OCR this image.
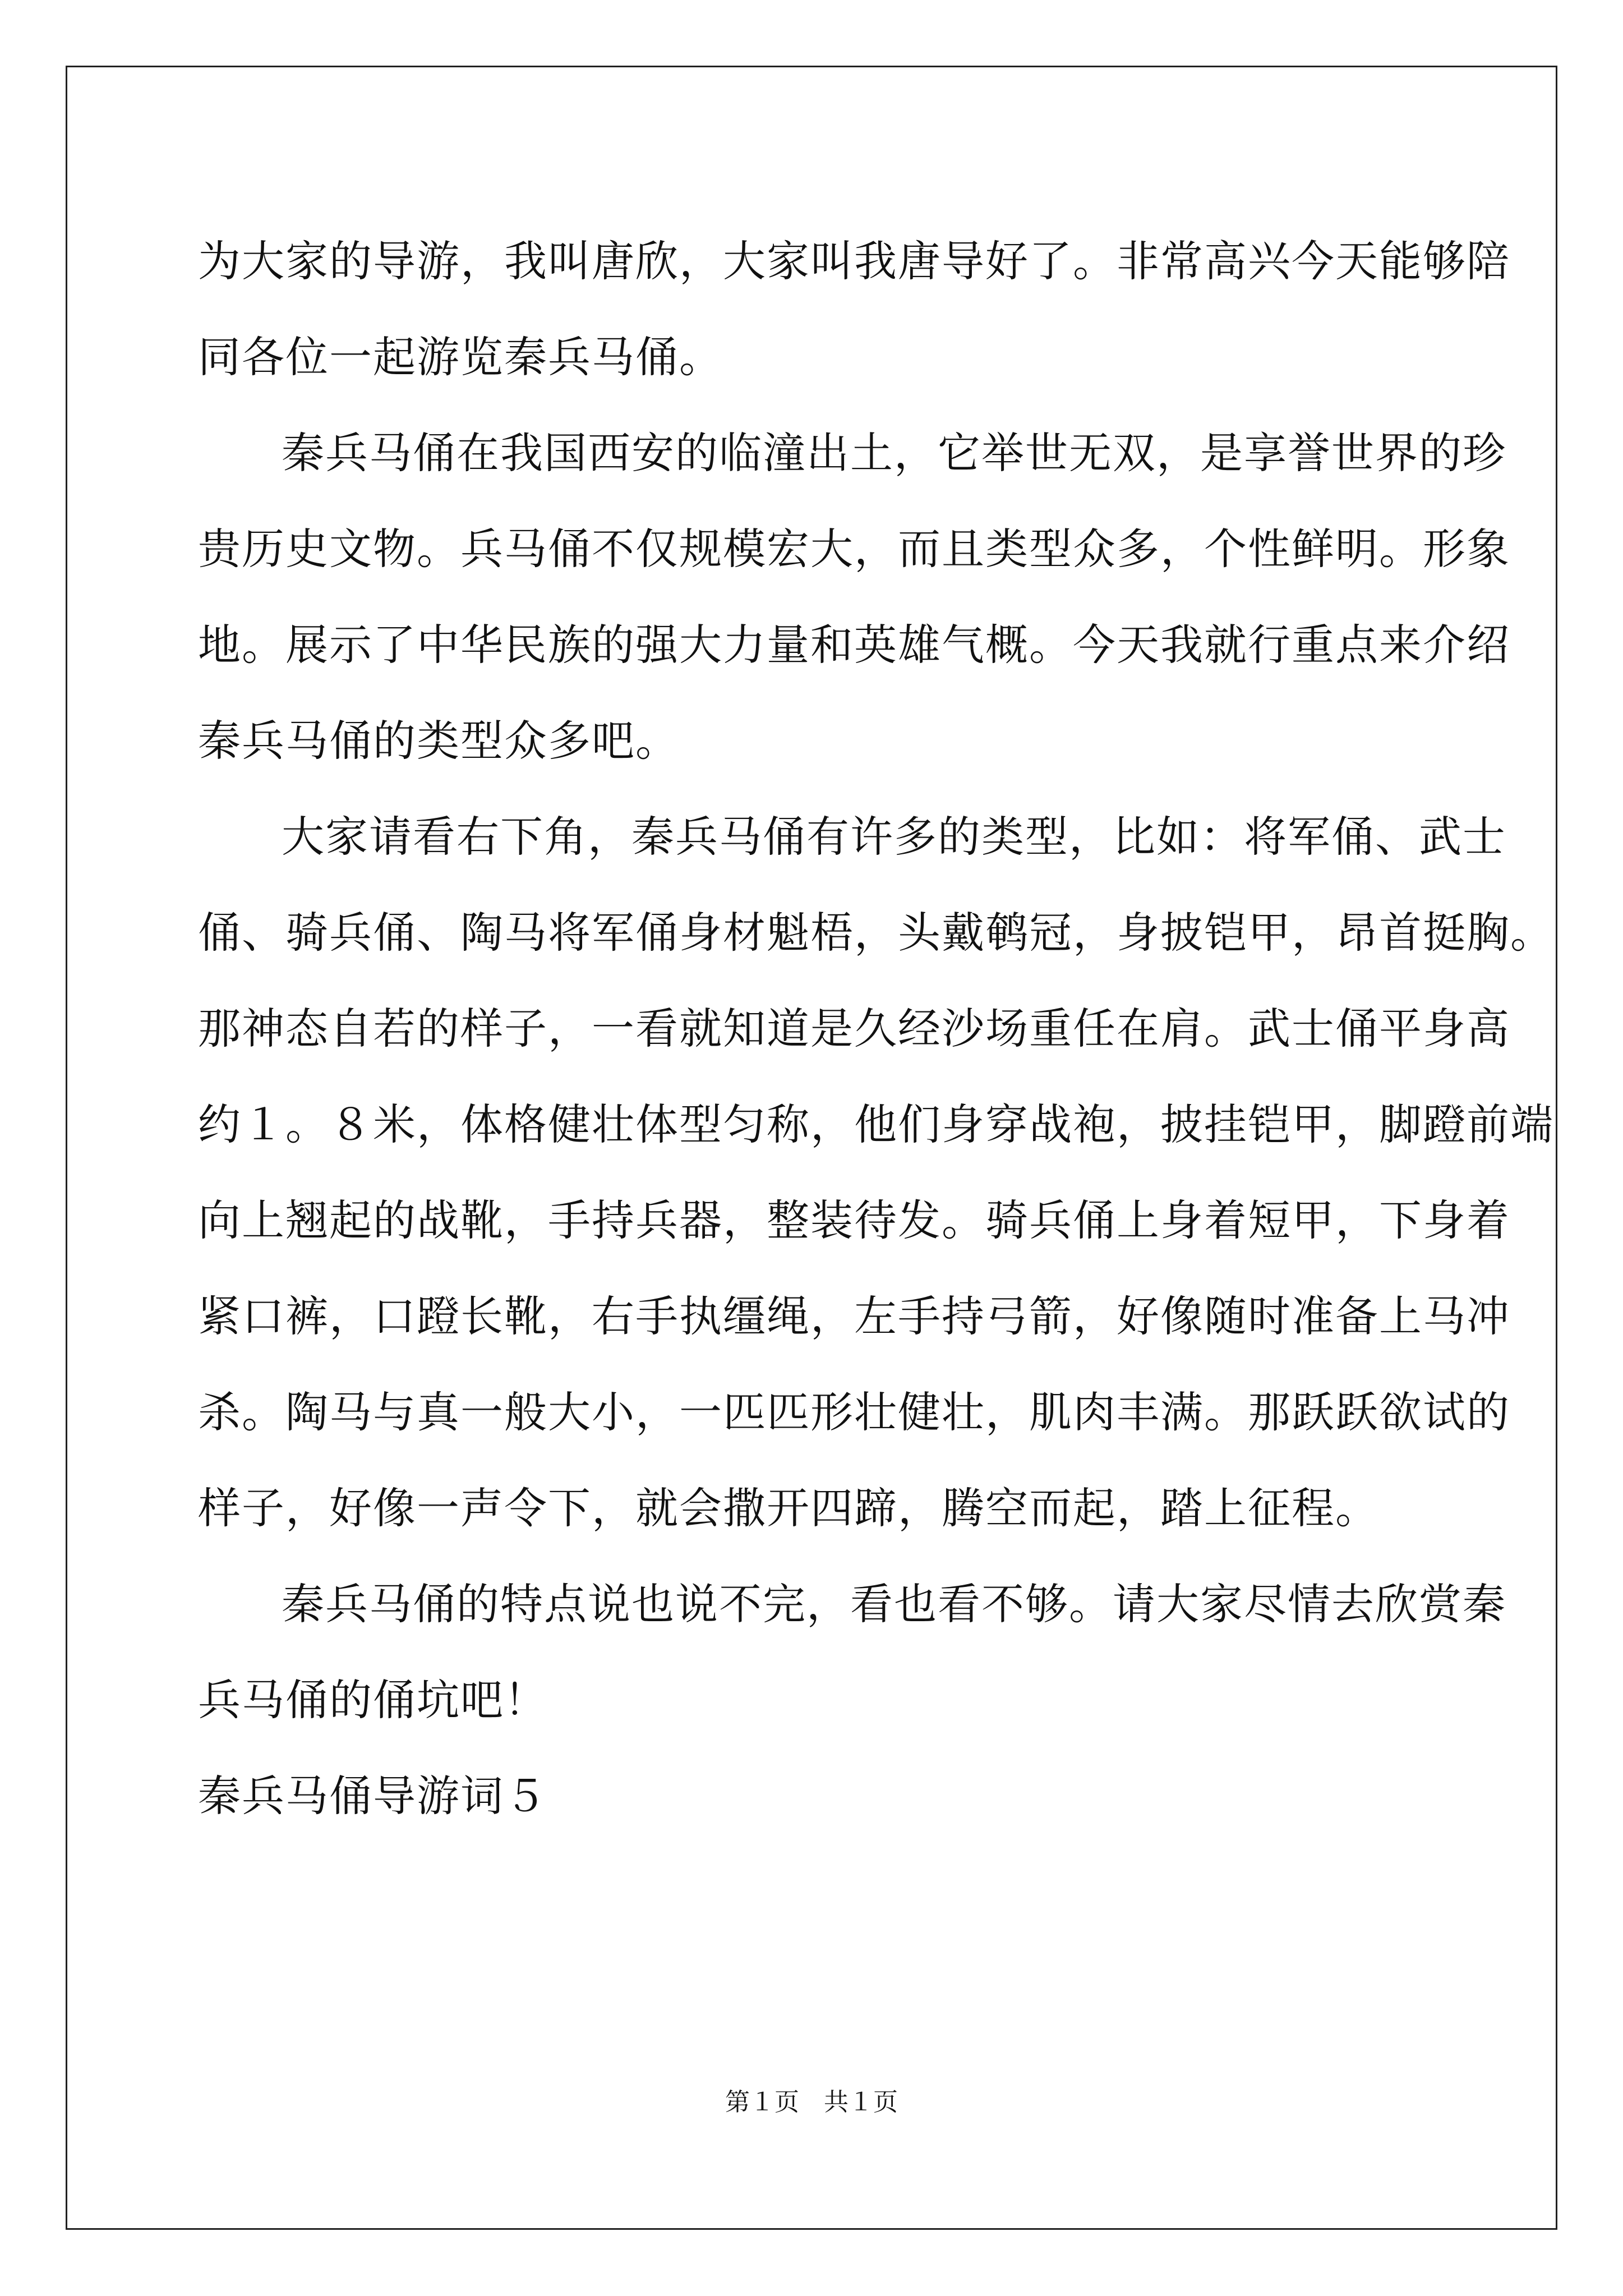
为大家的导游，我叫唐欣，大家叫我唐导好了。非常高兴今天能够陪
同各位一起游览秦兵马俑。
秦兵马俑在我国西安的临潼出土，它举世无双，是享誉世界的珍
贵历史文物。兵马俑不仅规模宏大，而且类型众多，个性鲜明。形象
地。展示了中华民族的强大力量和英雄气概。今天我就行重点来介绍
秦兵马俑的类型众多吧。
大家请看右下角，秦兵马俑有许多的类型，比如：将军俑、武士
俑、骑兵俑、陶马将军俑身材魁梧，头戴鹌冠，身披铠甲，昂首挺胸。
那神态自若的样子，一看就知道是久经沙场重任在肩。武士俑平身高
约１。８米，体格健壮体型匀称，他们身穿战袍，披挂铠甲，脚蹬前端
向上翘起的战靴，手持兵器，整装待发。骑兵俑上身着短甲，下身着
紧口裤，口蹬长靴，右手执缰绳，左手持弓箭，好像随时准备上马冲
杀。陶马与真一般大小，一匹匹形壮健壮，肌肉丰满。那跃跃欲试的
样子，好像一声令下，就会撒开四蹄，腾空而起，踏上征程。
秦兵马俑的特点说也说不完，看也看不够。请大家尽情去欣赏秦
兵马俑的俑坑吧！
秦兵马俑导游词５
第１页　共１页
